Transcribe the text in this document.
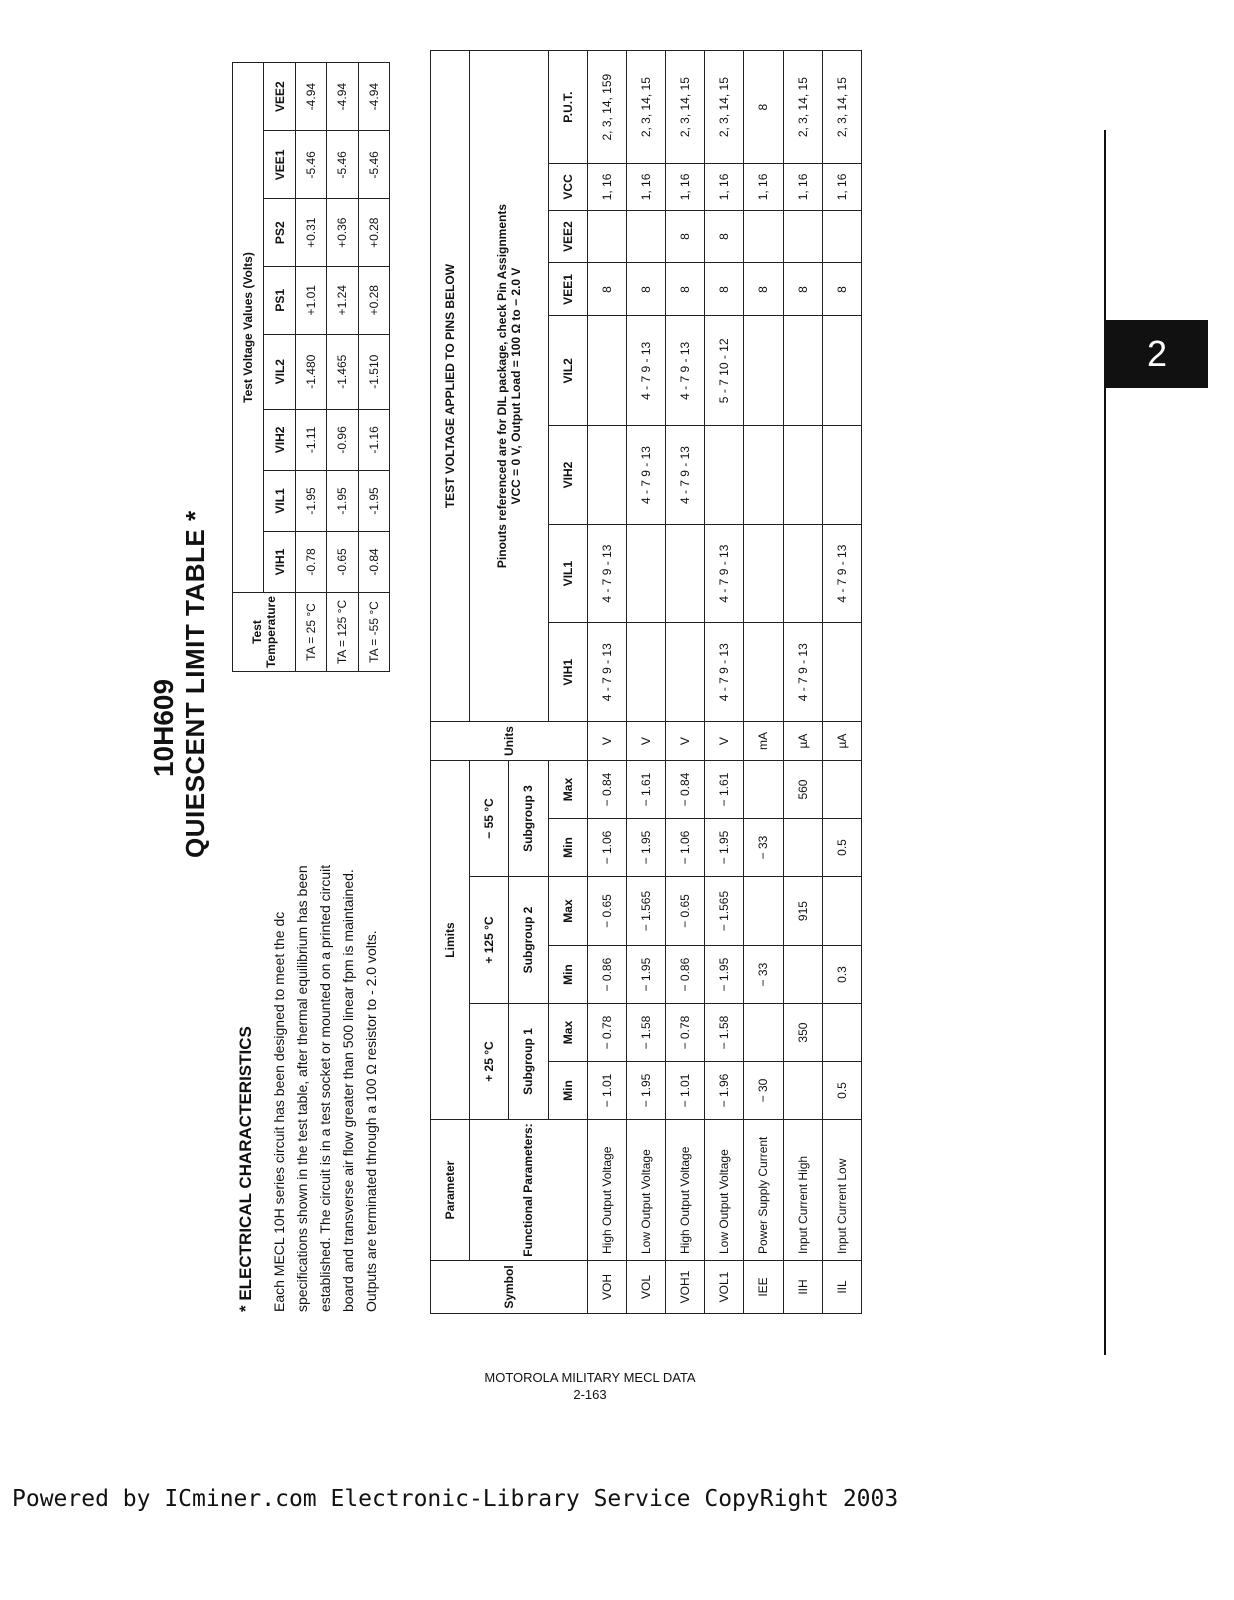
10H609 QUIESCENT LIMIT TABLE *
* ELECTRICAL CHARACTERISTICS Each MECL 10H series circuit has been designed to meet the dc specifications shown in the test table, after thermal equilibrium has been established. The circuit is in a test socket or mounted on a printed circuit board and transverse air flow greater than 500 linear fpm is maintained. Outputs are terminated through a 100 Ω resistor to - 2.0 volts.
Test Temperature	Test Voltage Values (Volts)							
	VIH1	VIL1	VIH2	VIL2	PS1	PS2	VEE1	VEE2
TA = 25 °C	-0.78	-1.95	-1.11	-1.480	+1.01	+0.31	-5.46	-4.94
TA = 125 °C	-0.65	-1.95	-0.96	-1.465	+1.24	+0.36	-5.46	-4.94
TA = -55 °C	-0.84	-1.95	-1.16	-1.510	+0.28	+0.28	-5.46	-4.94
Symbol	Parameter	Limits						Units	TEST VOLTAGE APPLIED TO PINS BELOW							
	Functional Parameters:	+ 25 °C		+ 125 °C		− 55 °C			Pinouts referenced are for DIL package, check Pin Assignments VCC = 0 V, Output Load = 100 Ω to − 2.0 V							

		Subgroup 1		Subgroup 2		Subgroup 3										
		Min	Max	Min	Max	Min	Max		VIH1	VIL1	VIH2	VIL2	VEE1	VEE2	VCC	P.U.T.
VOH	High Output Voltage	− 1.01	− 0.78	− 0.86	− 0.65	− 1.06	− 0.84	V	4 - 7 9 - 13	4 - 7 9 - 13			8		1, 16	2, 3, 14, 159
VOL	Low Output Voltage	− 1.95	− 1.58	− 1.95	− 1.565	− 1.95	− 1.61	V			4 - 7 9 - 13	4 - 7 9 - 13	8		1, 16	2, 3, 14, 15
VOH1	High Output Voltage	− 1.01	− 0.78	− 0.86	− 0.65	− 1.06	− 0.84	V			4 - 7 9 - 13	4 - 7 9 - 13	8	8	1, 16	2, 3, 14, 15
VOL1	Low Output Voltage	− 1.96	− 1.58	− 1.95	− 1.565	− 1.95	− 1.61	V	4 - 7 9 - 13	4 - 7 9 - 13		5 - 7 10 - 12	8	8	1, 16	2, 3, 14, 15
IEE	Power Supply Current	− 30		− 33		− 33		mA					8		1, 16	8
IIH	Input Current High		350		915		560	µA	4 - 7 9 - 13				8		1, 16	2, 3, 14, 15
IIL	Input Current Low	0.5		0.3		0.5		µA		4 - 7 9 - 13			8		1, 16	2, 3, 14, 15
2
MOTOROLA MILITARY MECL DATA
2-163
Powered by ICminer.com Electronic-Library Service CopyRight 2003
